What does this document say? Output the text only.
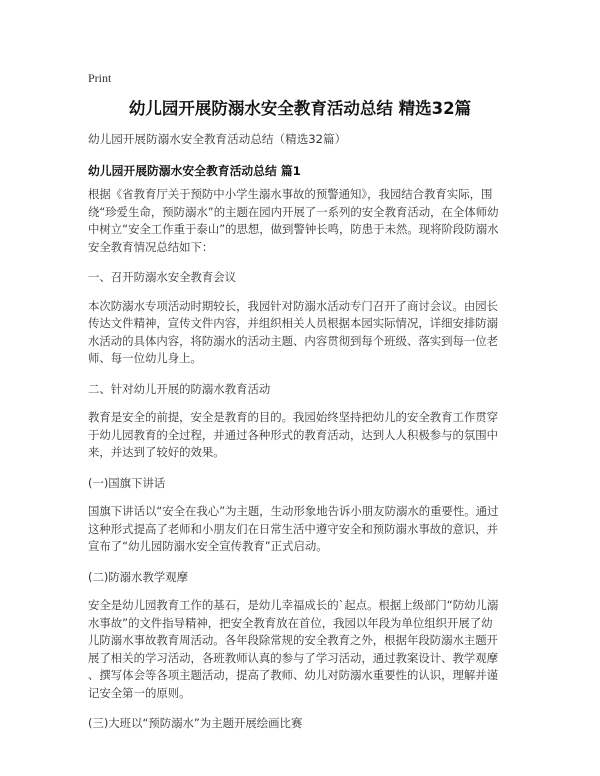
Print
幼儿园开展防溺水安全教育活动总结 精选32篇

幼儿园开展防溺水安全教育活动总结（精选32篇）

幼儿园开展防溺水安全教育活动总结 篇1

根据《省教育厅关于预防中小学生溺水事故的预警通知》，我园结合教育实际，围
绕“珍爱生命，预防溺水”的主题在园内开展了一系列的安全教育活动，在全体师幼
中树立“安全工作重于泰山”的思想，做到警钟长鸣，防患于未然。现将阶段防溺水
安全教育情况总结如下：

一、召开防溺水安全教育会议

本次防溺水专项活动时期较长，我园针对防溺水活动专门召开了商讨会议。由园长
传达文件精神，宣传文件内容，并组织相关人员根据本园实际情况，详细安排防溺
水活动的具体内容，将防溺水的活动主题、内容贯彻到每个班级、落实到每一位老
师、每一位幼儿身上。

二、针对幼儿开展的防溺水教育活动

教育是安全的前提，安全是教育的目的。我园始终坚持把幼儿的安全教育工作贯穿
于幼儿园教育的全过程，并通过各种形式的教育活动，达到人人积极参与的氛围中
来，并达到了较好的效果。

(一)国旗下讲话

国旗下讲话以“安全在我心”为主题，生动形象地告诉小朋友防溺水的重要性。通过
这种形式提高了老师和小朋友们在日常生活中遵守安全和预防溺水事故的意识，并
宣布了“幼儿园防溺水安全宣传教育”正式启动。

(二)防溺水教学观摩

安全是幼儿园教育工作的基石，是幼儿幸福成长的`起点。根据上级部门“防幼儿溺
水事故”的文件指导精神，把安全教育放在首位，我园以年段为单位组织开展了幼
儿防溺水事故教育周活动。各年段除常规的安全教育之外，根据年段防溺水主题开
展了相关的学习活动，各班教师认真的参与了学习活动，通过教案设计、教学观摩
、撰写体会等各项主题活动，提高了教师、幼儿对防溺水重要性的认识，理解并谨
记安全第一的原则。

(三)大班以“预防溺水”为主题开展绘画比赛
